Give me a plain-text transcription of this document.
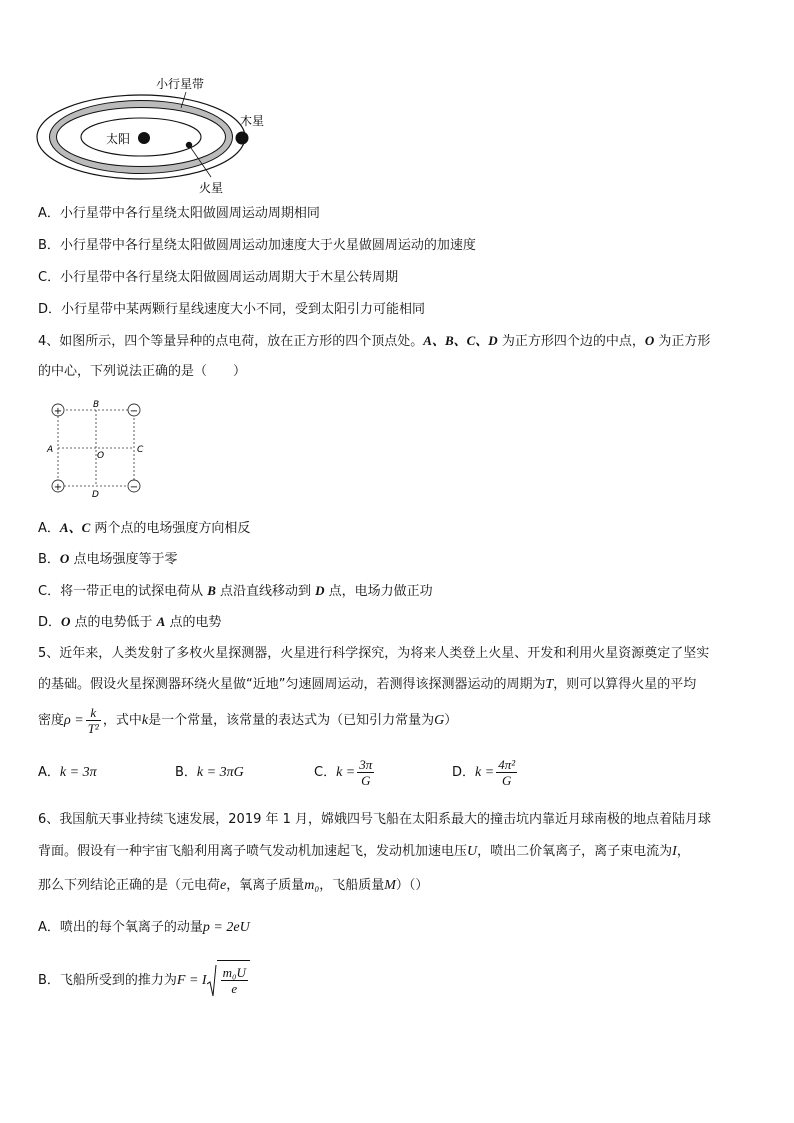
小行星带
木星
太阳
火星
A．小行星带中各行星绕太阳做圆周运动周期相同
B．小行星带中各行星绕太阳做圆周运动加速度大于火星做圆周运动的加速度
C．小行星带中各行星绕太阳做圆周运动周期大于木星公转周期
D．小行星带中某两颗行星线速度大小不同，受到太阳引力可能相同
4、如图所示，四个等量异种的点电荷，放在正方形的四个顶点处。A、B、C、D 为正方形四个边的中点，O 为正方形
的中心，下列说法正确的是（　　）
+	−
+	−
B
A
O
C
D
A．A、C 两个点的电场强度方向相反
B．O 点电场强度等于零
C．将一带正电的试探电荷从 B 点沿直线移动到 D 点，电场力做正功
D．O 点的电势低于 A 点的电势
5、近年来，人类发射了多枚火星探测器，火星进行科学探究，为将来人类登上火星、开发和利用火星资源奠定了坚实
的基础。假设火星探测器环绕火星做“近地”匀速圆周运动，若测得该探测器运动的周期为T，则可以算得火星的平均
密度$\rho = \frac{k}{\text{T²}}$ ，式中k是一个常量，该常量的表达式为（已知引力常量为G）
A．k = 3π	B．k = 3πG	C．$k = \frac{3\pi}{G}$	D．$k = \frac{\text{4π²}}{G}$
6、我国航天事业持续飞速发展，2019 年 1 月，嫦娥四号飞船在太阳系最大的撞击坑内靠近月球南极的地点着陆月球
背面。假设有一种宇宙飞船利用离子喷气发动机加速起飞，发动机加速电压U，喷出二价氧离子，离子束电流为I，
那么下列结论正确的是（元电荷e，氧离子质量m₀，飞船质量M）（）
A．喷出的每个氧离子的动量p = 2eU
B．飞船所受到的推力为F = I $\frac{\text{m₀U}}{e}$
